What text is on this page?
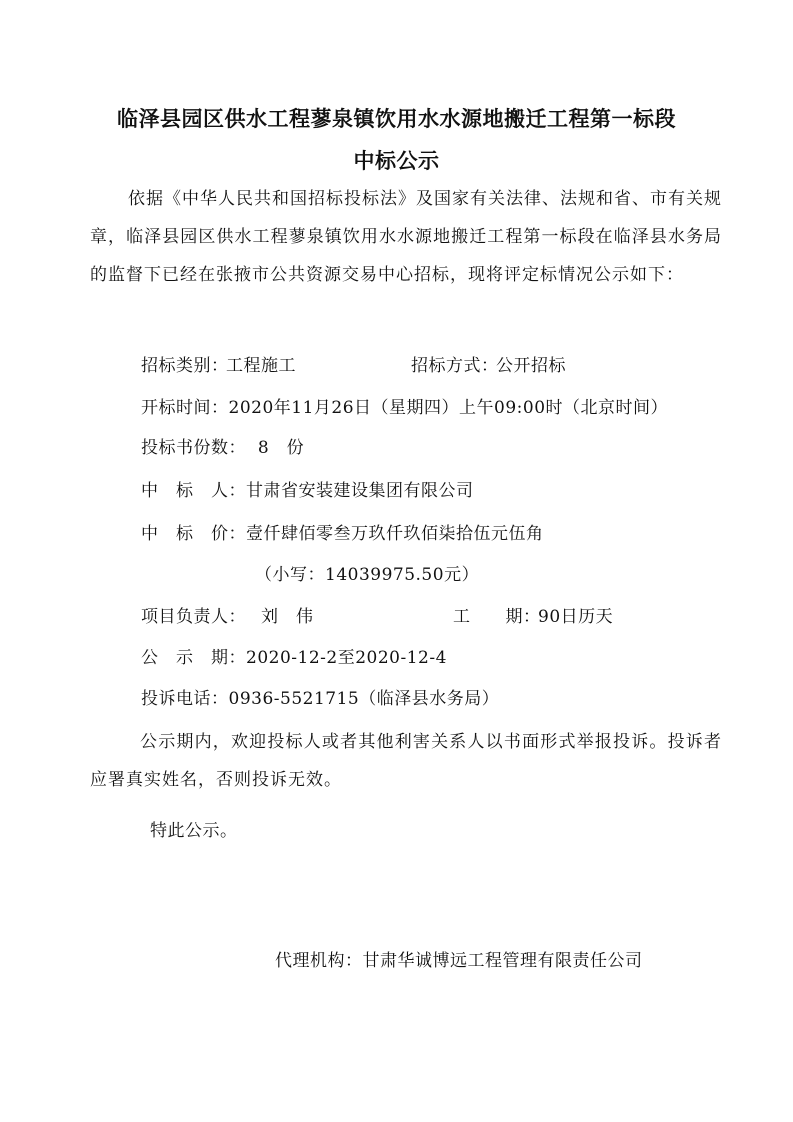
临泽县园区供水工程蓼泉镇饮用水水源地搬迁工程第一标段
中标公示
依据《中华人民共和国招标投标法》及国家有关法律、法规和省、市有关规章，临泽县园区供水工程蓼泉镇饮用水水源地搬迁工程第一标段在临泽县水务局的监督下已经在张掖市公共资源交易中心招标，现将评定标情况公示如下：
招标类别：
工程施工	招标方式：
公开招标
开标时间：2020年11月26日（星期四）上午09:00时（北京时间）
投标书份数： 8　份
中　标　人：甘肃省安装建设集团有限公司
中　标　价：壹仟肆佰零叁万玖仟玖佰柒拾伍元伍角
（小写：14039975.50元）
项目负责人： 刘　伟	工　　期：
90日历天
公　示　期：2020-12-2至2020-12-4
投诉电话：0936-5521715（临泽县水务局）
公示期内，欢迎投标人或者其他利害关系人以书面形式举报投诉。投诉者应署真实姓名，否则投诉无效。
特此公示。
代理机构：甘肃华诚博远工程管理有限责任公司
